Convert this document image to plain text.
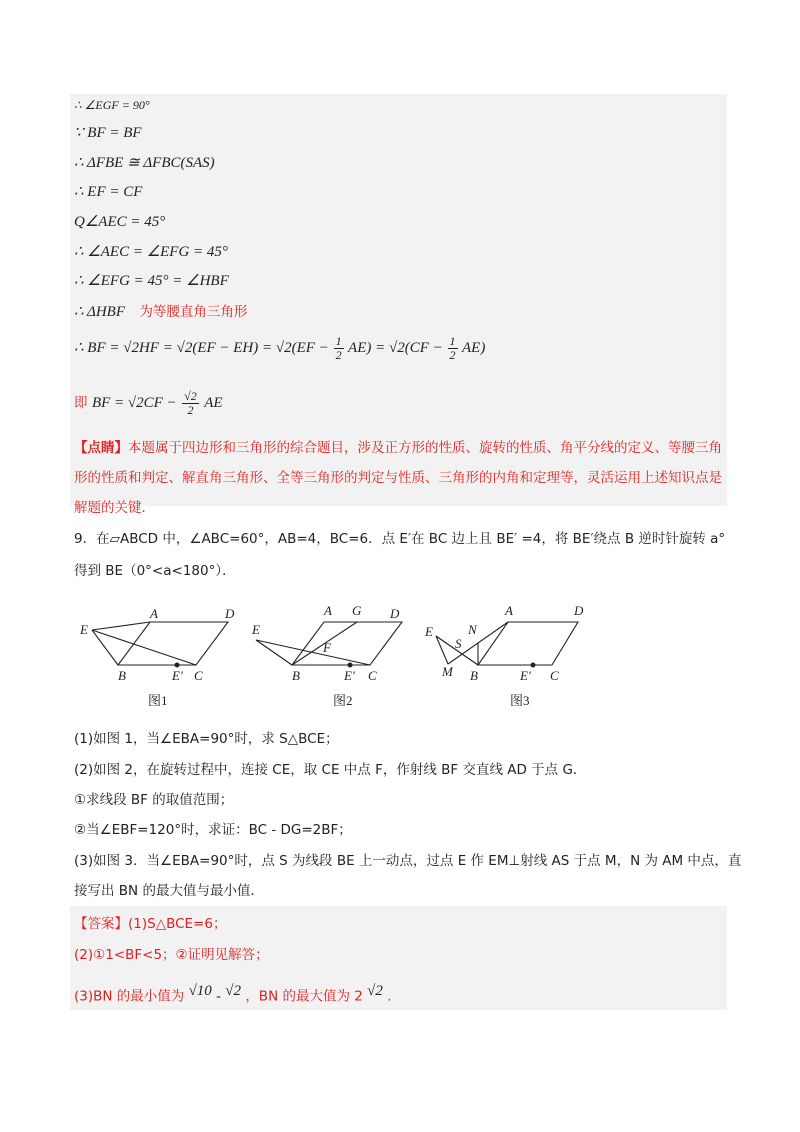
∴ ∠EGF = 90°
∵ BF = BF
∴ ΔFBE ≅ ΔFBC(SAS)
∴ EF = CF
Q∠AEC = 45°
∴ ∠AEC = ∠EFG = 45°
∴ ∠EFG = 45° = ∠HBF
∴ ΔHBF 为等腰直角三角形
∴ BF = $√2HF = √2(EF - EH) = √2(EF - \frac{1}{2} AE) = √2(CF - \frac{1}{2} AE)$
即 BF = $√2CF - \frac{√2}{2}$ AE
【点睛】本题属于四边形和三角形的综合题目，涉及正方形的性质、旋转的性质、角平分线的定义、等腰三角形的性质和判定、解直角三角形、全等三角形的判定与性质、三角形的内角和定理等，灵活运用上述知识点是解题的关键．
9．在▱ABCD 中，∠ABC=60°，AB=4，BC=6．点 E′在 BC 边上且 BE′ =4，将 BE′绕点 B 逆时针旋转 a°
得到 BE（0°<a<180°）．
A	D
E
B	E′ C
A G D
E
F
B	E′ C
A	D
E
S
N
M B	E′ C
图1	图2	图3
(1)如图 1，当∠EBA=90°时，求 S△BCE；
(2)如图 2，在旋转过程中，连接 CE，取 CE 中点 F，作射线 BF 交直线 AD 于点 G．
①求线段 BF 的取值范围；
②当∠EBF=120°时，求证：BC - DG=2BF；
(3)如图 3．当∠EBA=90°时，点 S 为线段 BE 上一动点，过点 E 作 EM⊥射线 AS 于点 M，N 为 AM 中点，直
接写出 BN 的最大值与最小值．
【答案】(1)S△BCE=6；
(2)①1<BF<5；②证明见解答；
(3)BN 的最小值为 √10 - √2 ，BN 的最大值为 2 √2 .
